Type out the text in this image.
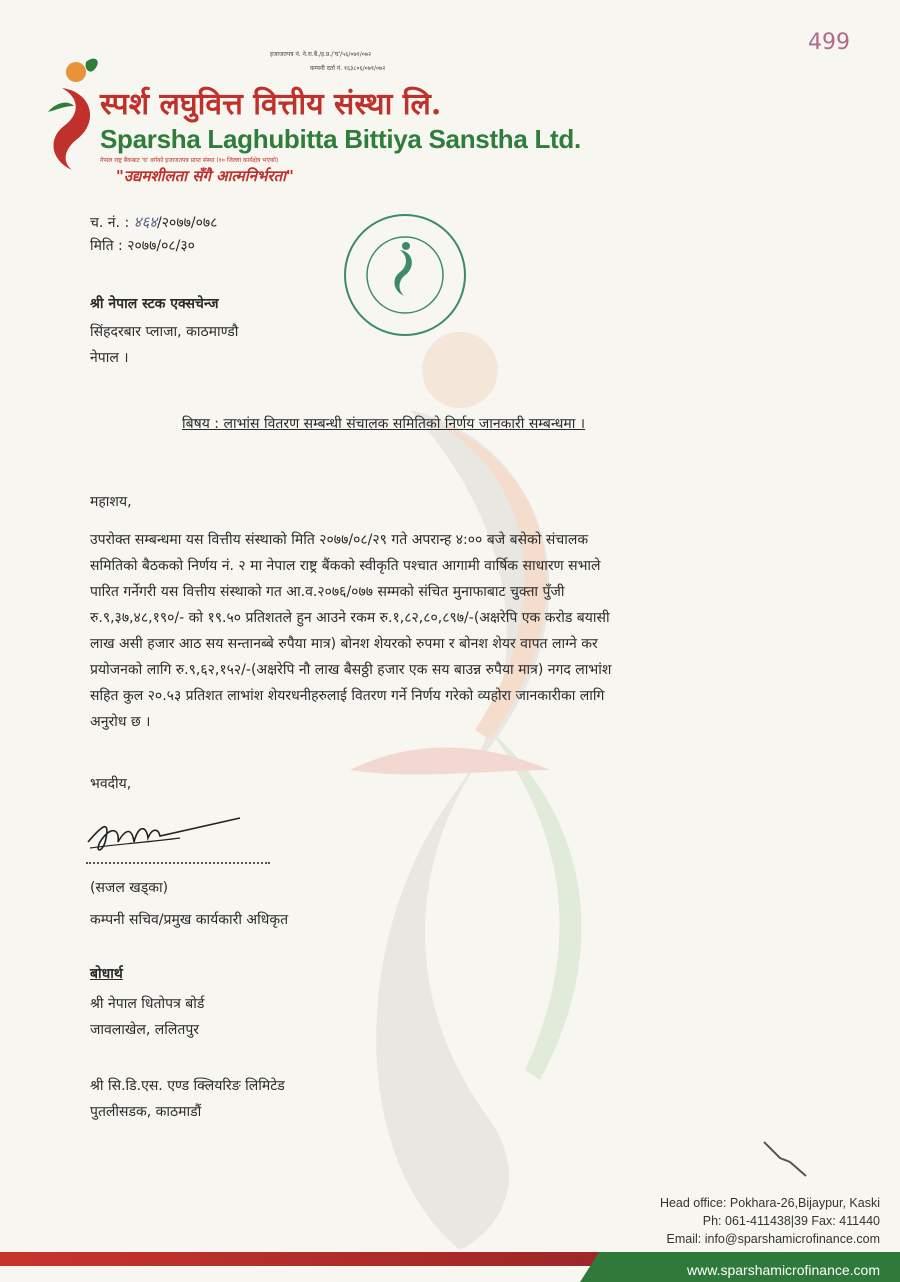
स्पर्श लघुवित्त वित्तीय संस्था लि.
Sparsha Laghubitta Bittiya Sanstha Ltd.
नेपाल राष्ट्र बैंकबाट 'घ' वर्गको इजाजतपत्र प्राप्त संस्था (१० जिल्ला कार्यक्षेत्र भएको)
"उद्यमशीलता सँगै आत्मनिर्भरता"
इजाजतपत्र नं. ने.रा.बैं./इ.प्र./'घ'/५६/०७१/०७२
कम्पनी दर्ता नं. १६३८०६/०७१/०७२
499
च. नं. : ४६४/२०७७/०७८
मिति : २०७७/०८/३०
श्री नेपाल स्टक एक्सचेन्ज
सिंहदरबार प्लाजा, काठमाण्डौ
नेपाल ।
बिषय : लाभांस वितरण सम्बन्धी संचालक समितिको निर्णय जानकारी सम्बन्धमा ।
महाशय,
उपरोक्त सम्बन्धमा यस वित्तीय संस्थाको मिति २०७७/०८/२९ गते अपरान्ह ४:०० बजे बसेको संचालक
समितिको बैठकको निर्णय नं. २ मा नेपाल राष्ट्र बैंकको स्वीकृति पश्चात आगामी वार्षिक साधारण सभाले
पारित गर्नेगरी यस वित्तीय संस्थाको गत आ.व.२०७६/०७७ सम्मको संचित मुनाफाबाट चुक्ता पुँजी
रु.९,३७,४८,१९०/- को १९.५० प्रतिशतले हुन आउने रकम रु.१,८२,८०,८९७/-(अक्षरेपि एक करोड बयासी
लाख असी हजार आठ सय सन्तानब्बे रुपैया मात्र) बोनश शेयरको रुपमा र बोनश शेयर वापत लाग्ने कर
प्रयोजनको लागि रु.९,६२,१५२/-(अक्षरेपि नौ लाख बैसठ्ठी हजार एक सय बाउन्न रुपैया मात्र) नगद लाभांश
सहित कुल २०.५३ प्रतिशत लाभांश शेयरधनीहरुलाई वितरण गर्ने निर्णय गरेको व्यहोरा जानकारीका लागि
अनुरोध छ ।
भवदीय,
(सजल खड्का)
कम्पनी सचिव/प्रमुख कार्यकारी अधिकृत
बोधार्थ
श्री नेपाल धितोपत्र बोर्ड
जावलाखेल, ललितपुर
श्री सि.डि.एस. एण्ड क्लियरिङ लिमिटेड
पुतलीसडक, काठमाडौं
Head office: Pokhara-26,Bijaypur, Kaski
Ph: 061-411438|39 Fax: 411440
Email: info@sparshamicrofinance.com
www.sparshamicrofinance.com
